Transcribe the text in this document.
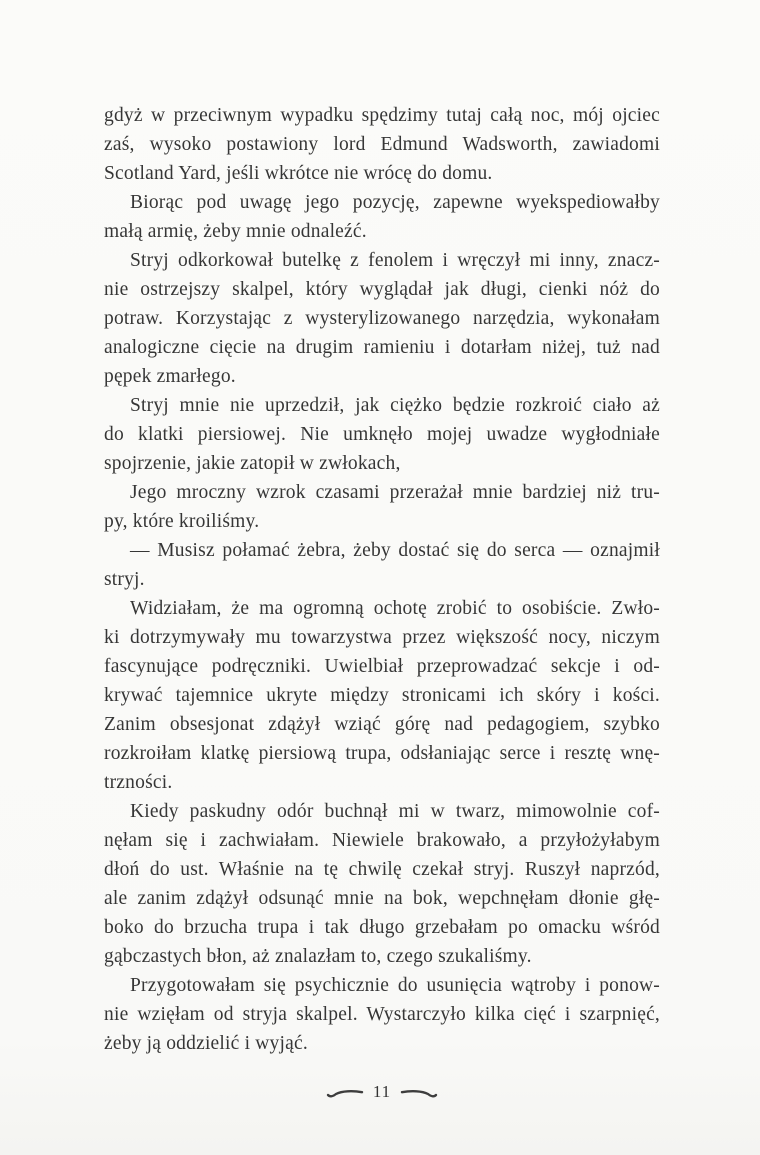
gdyż w przeciwnym wypadku spędzimy tutaj całą noc, mój ojciec
zaś, wysoko postawiony lord Edmund Wadsworth, zawiadomi
Scotland Yard, jeśli wkrótce nie wrócę do domu.
Biorąc pod uwagę jego pozycję, zapewne wyekspediowałby
małą armię, żeby mnie odnaleźć.
Stryj odkorkował butelkę z fenolem i wręczył mi inny, znacz-
nie ostrzejszy skalpel, który wyglądał jak długi, cienki nóż do
potraw. Korzystając z wysterylizowanego narzędzia, wykonałam
analogiczne cięcie na drugim ramieniu i dotarłam niżej, tuż nad
pępek zmarłego.
Stryj mnie nie uprzedził, jak ciężko będzie rozkroić ciało aż
do klatki piersiowej. Nie umknęło mojej uwadze wygłodniałe
spojrzenie, jakie zatopił w zwłokach,
Jego mroczny wzrok czasami przerażał mnie bardziej niż tru-
py, które kroiliśmy.
— Musisz połamać żebra, żeby dostać się do serca — oznajmił
stryj.
Widziałam, że ma ogromną ochotę zrobić to osobiście. Zwło-
ki dotrzymywały mu towarzystwa przez większość nocy, niczym
fascynujące podręczniki. Uwielbiał przeprowadzać sekcje i od-
krywać tajemnice ukryte między stronicami ich skóry i kości.
Zanim obsesjonat zdążył wziąć górę nad pedagogiem, szybko
rozkroiłam klatkę piersiową trupa, odsłaniając serce i resztę wnę-
trzności.
Kiedy paskudny odór buchnął mi w twarz, mimowolnie cof-
nęłam się i zachwiałam. Niewiele brakowało, a przyłożyłabym
dłoń do ust. Właśnie na tę chwilę czekał stryj. Ruszył naprzód,
ale zanim zdążył odsunąć mnie na bok, wepchnęłam dłonie głę-
boko do brzucha trupa i tak długo grzebałam po omacku wśród
gąbczastych błon, aż znalazłam to, czego szukaliśmy.
Przygotowałam się psychicznie do usunięcia wątroby i ponow-
nie wzięłam od stryja skalpel. Wystarczyło kilka cięć i szarpnięć,
żeby ją oddzielić i wyjąć.
11
